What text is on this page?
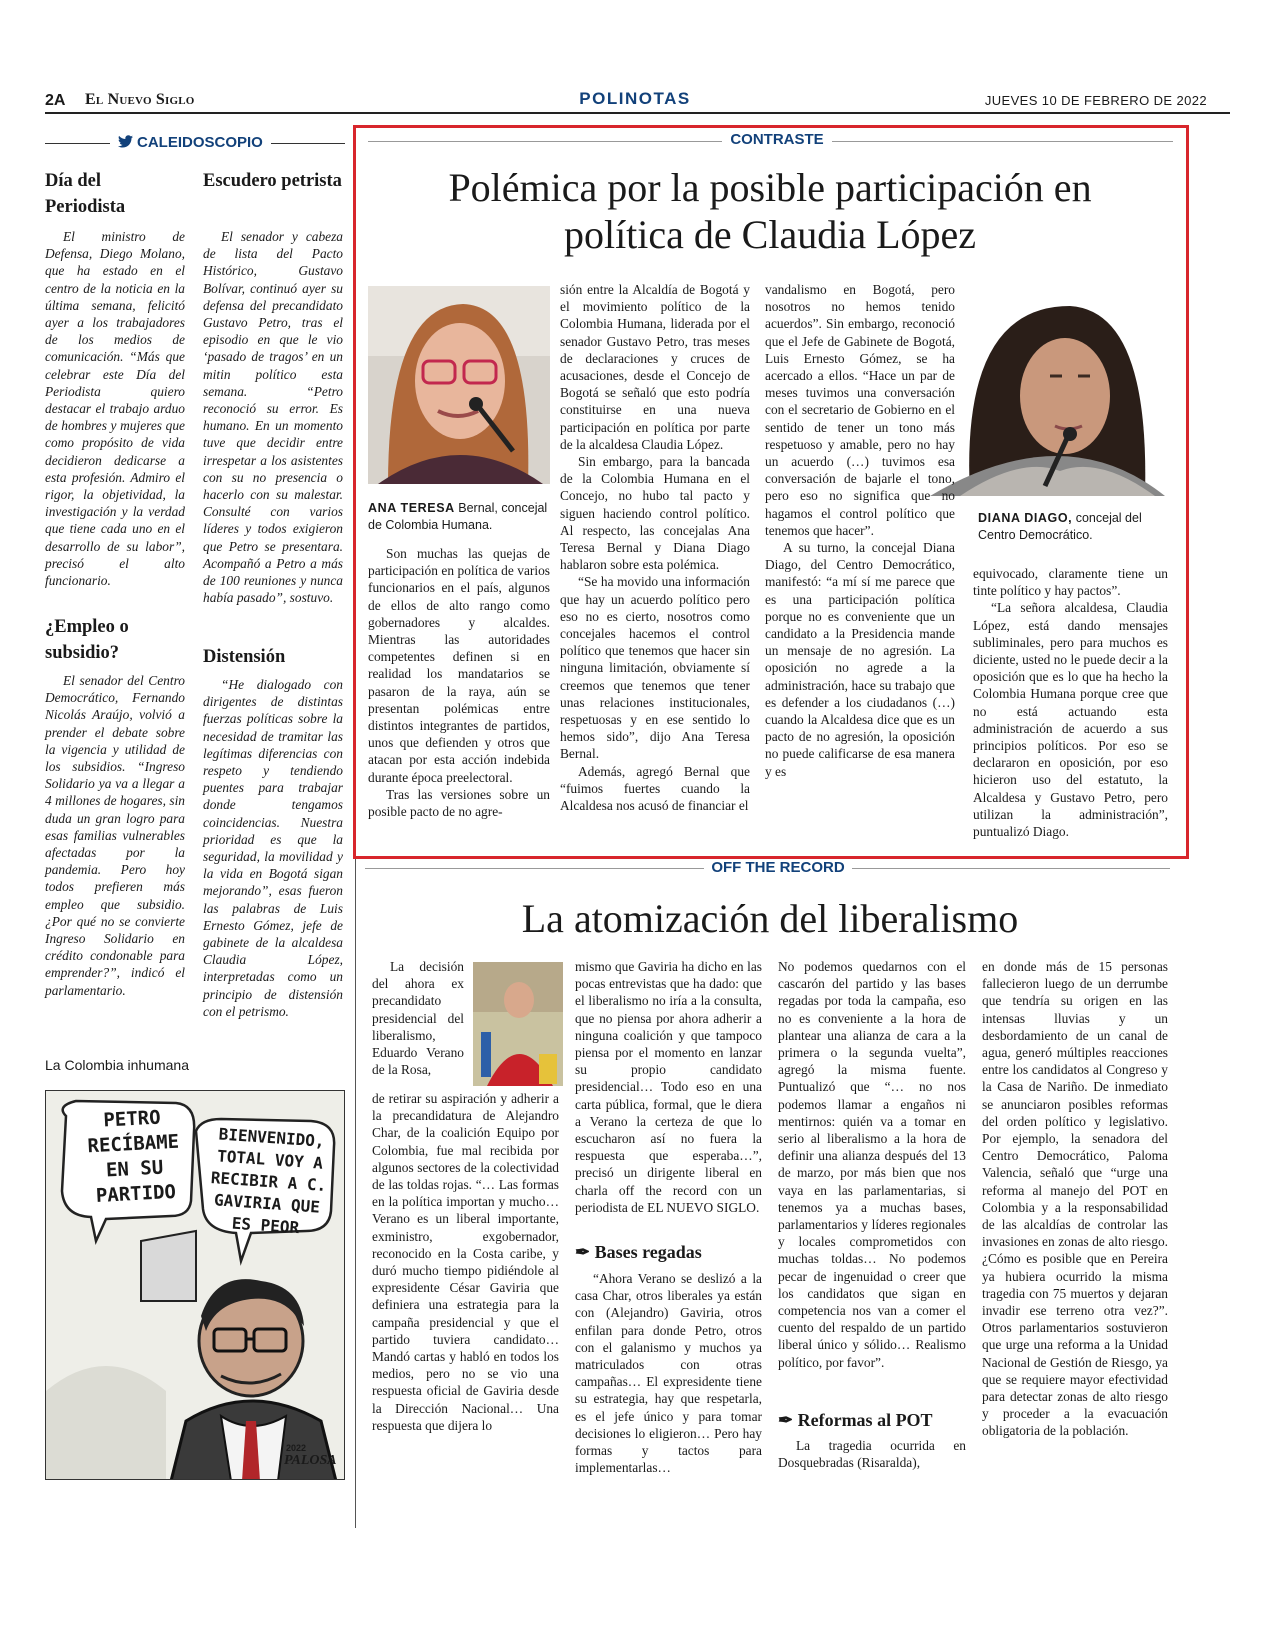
2A El Nuevo Siglo	POLINOTAS	JUEVES 10 DE FEBRERO DE 2022
CALEIDOSCOPIO
Día del Periodista

El ministro de Defensa, Diego Molano, que ha estado en el centro de la noticia en la última semana, felicitó ayer a los trabajadores de los medios de comunicación. “Más que celebrar este Día del Periodista quiero destacar el trabajo arduo de hombres y mujeres que como propósito de vida decidieron dedicarse a esta profesión. Admiro el rigor, la objetividad, la investigación y la verdad que tiene cada uno en el desarrollo de su labor”, precisó el alto funcionario.

¿Empleo o subsidio?

El senador del Centro Democrático, Fernando Nicolás Araújo, volvió a prender el debate sobre la vigencia y utilidad de los subsidios. “Ingreso Solidario ya va a llegar a 4 millones de hogares, sin duda un gran logro para esas familias vulnerables afectadas por la pandemia. Pero hoy todos prefieren más empleo que subsidio. ¿Por qué no se convierte Ingreso Solidario en crédito condonable para emprender?”, indicó el parlamentario.

Escudero petrista

El senador y cabeza de lista del Pacto Histórico, Gustavo Bolívar, continuó ayer su defensa del precandidato Gustavo Petro, tras el episodio en que le vio ‘pasado de tragos’ en un mitin político esta semana. “Petro reconoció su error. Es humano. En un momento tuve que decidir entre irrespetar a los asistentes con su no presencia o hacerlo con su malestar. Consulté con varios líderes y todos exigieron que Petro se presentara. Acompañó a Petro a más de 100 reuniones y nunca había pasado”, sostuvo.

Distensión

“He dialogado con dirigentes de distintas fuerzas políticas sobre la necesidad de tramitar las legítimas diferencias con respeto y tendiendo puentes para trabajar donde tengamos coincidencias. Nuestra prioridad es que la seguridad, la movilidad y la vida en Bogotá sigan mejorando”, esas fueron las palabras de Luis Ernesto Gómez, jefe de gabinete de la alcaldesa Claudia López, interpretadas como un principio de distensión con el petrismo.

La Colombia inhumana
PETRO RECÍBAME EN SU PARTIDO
BIENVENIDO, TOTAL VOY A RECIBIR A C. GAVIRIA QUE ES PEOR
2022
PALOSA
CONTRASTE
Polémica por la posible participación en política de Claudia López
ANA TERESA Bernal, concejal de Colombia Humana.	DIANA DIAGO, concejal del Centro Democrático.

Son muchas las quejas de participación en política de varios funcionarios en el país, algunos de ellos de alto rango como gobernadores y alcaldes. Mientras las autoridades competentes definen si en realidad los mandatarios se pasaron de la raya, aún se presentan polémicas entre distintos integrantes de partidos, unos que defienden y otros que atacan por esta acción indebida durante época preelectoral.

Tras las versiones sobre un posible pacto de no agre-

sión entre la Alcaldía de Bogotá y el movimiento político de la Colombia Humana, liderada por el senador Gustavo Petro, tras meses de declaraciones y cruces de acusaciones, desde el Concejo de Bogotá se señaló que esto podría constituirse en una nueva participación en política por parte de la alcaldesa Claudia López.

Sin embargo, para la bancada de la Colombia Humana en el Concejo, no hubo tal pacto y siguen haciendo control político. Al respecto, las concejalas Ana Teresa Bernal y Diana Diago hablaron sobre esta polémica.

“Se ha movido una información que hay un acuerdo político pero eso no es cierto, nosotros como concejales hacemos el control político que tenemos que hacer sin ninguna limitación, obviamente sí creemos que tenemos que tener unas relaciones institucionales, respetuosas y en ese sentido lo hemos sido”, dijo Ana Teresa Bernal.

Además, agregó Bernal que “fuimos fuertes cuando la Alcaldesa nos acusó de financiar el

vandalismo en Bogotá, pero nosotros no hemos tenido acuerdos”. Sin embargo, reconoció que el Jefe de Gabinete de Bogotá, Luis Ernesto Gómez, se ha acercado a ellos. “Hace un par de meses tuvimos una conversación con el secretario de Gobierno en el sentido de tener un tono más respetuoso y amable, pero no hay un acuerdo (…) tuvimos esa conversación de bajarle el tono, pero eso no significa que no hagamos el control político que tenemos que hacer”.

A su turno, la concejal Diana Diago, del Centro Democrático, manifestó: “a mí sí me parece que es una participación política porque no es conveniente que un candidato a la Presidencia mande un mensaje de no agresión. La oposición no agrede a la administración, hace su trabajo que es defender a los ciudadanos (…) cuando la Alcaldesa dice que es un pacto de no agresión, la oposición no puede calificarse de esa manera y es

equivocado, claramente tiene un tinte político y hay pactos”.

“La señora alcaldesa, Claudia López, está dando mensajes subliminales, pero para muchos es diciente, usted no le puede decir a la oposición que es lo que ha hecho la Colombia Humana porque cree que no está actuando esta administración de acuerdo a sus principios políticos. Por eso se declararon en oposición, por eso hicieron uso del estatuto, la Alcaldesa y Gustavo Petro, pero utilizan la administración”, puntualizó Diago.

OFF THE RECORD
La atomización del liberalismo

La decisión del ahora ex precandidato presidencial del liberalismo, Eduardo Verano de la Rosa,

de retirar su aspiración y adherir a la precandidatura de Alejandro Char, de la coalición Equipo por Colombia, fue mal recibida por algunos sectores de la colectividad de las toldas rojas. “… Las formas en la política importan y mucho… Verano es un liberal importante, exministro, exgobernador, reconocido en la Costa caribe, y duró mucho tiempo pidiéndole al expresidente César Gaviria que definiera una estrategia para la campaña presidencial y que el partido tuviera candidato… Mandó cartas y habló en todos los medios, pero no se vio una respuesta oficial de Gaviria desde la Dirección Nacional… Una respuesta que dijera lo

mismo que Gaviria ha dicho en las pocas entrevistas que ha dado: que el liberalismo no iría a la consulta, que no piensa por ahora adherir a ninguna coalición y que tampoco piensa por el momento en lanzar su propio candidato presidencial… Todo eso en una carta pública, formal, que le diera a Verano la certeza de que lo escucharon así no fuera la respuesta que esperaba…”, precisó un dirigente liberal en charla off the record con un periodista de EL NUEVO SIGLO.

✒ Bases regadas

“Ahora Verano se deslizó a la casa Char, otros liberales ya están con (Alejandro) Gaviria, otros enfilan para donde Petro, otros con el galanismo y muchos ya matriculados con otras campañas… El expresidente tiene su estrategia, hay que respetarla, es el jefe único y para tomar decisiones lo eligieron… Pero hay formas y tactos para implementarlas…

No podemos quedarnos con el cascarón del partido y las bases regadas por toda la campaña, eso no es conveniente a la hora de plantear una alianza de cara a la primera o la segunda vuelta”, agregó la misma fuente. Puntualizó que “… no nos podemos llamar a engaños ni mentirnos: quién va a tomar en serio al liberalismo a la hora de definir una alianza después del 13 de marzo, por más bien que nos vaya en las parlamentarias, si tenemos ya a muchas bases, parlamentarios y líderes regionales y locales comprometidos con muchas toldas… No podemos pecar de ingenuidad o creer que los candidatos que sigan en competencia nos van a comer el cuento del respaldo de un partido liberal único y sólido… Realismo político, por favor”.

✒ Reformas al POT

La tragedia ocurrida en Dosquebradas (Risaralda),

en donde más de 15 personas fallecieron luego de un derrumbe que tendría su origen en las intensas lluvias y un desbordamiento de un canal de agua, generó múltiples reacciones entre los candidatos al Congreso y la Casa de Nariño. De inmediato se anunciaron posibles reformas del orden político y legislativo. Por ejemplo, la senadora del Centro Democrático, Paloma Valencia, señaló que “urge una reforma al manejo del POT en Colombia y a la responsabilidad de las alcaldías de controlar las invasiones en zonas de alto riesgo. ¿Cómo es posible que en Pereira ya hubiera ocurrido la misma tragedia con 75 muertos y dejaran invadir ese terreno otra vez?”. Otros parlamentarios sostuvieron que urge una reforma a la Unidad Nacional de Gestión de Riesgo, ya que se requiere mayor efectividad para detectar zonas de alto riesgo y proceder a la evacuación obligatoria de la población.
